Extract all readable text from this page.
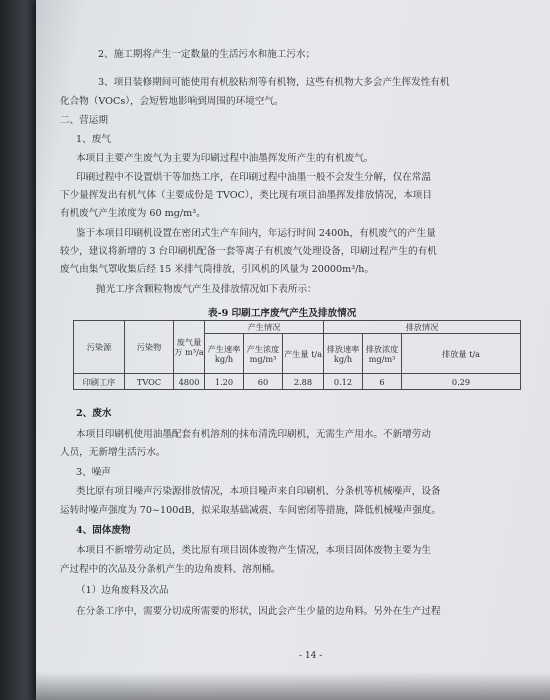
2、施工期将产生一定数量的生活污水和施工污水；
3、项目装修期间可能使用有机胶粘剂等有机物，这些有机物大多会产生挥发性有机
化合物（VOCs），会短暂地影响到周围的环境空气。
二、营运期
1、废气
本项目主要产生废气为主要为印刷过程中油墨挥发所产生的有机废气。
印刷过程中不设置烘干等加热工序，在印刷过程中油墨一般不会发生分解，仅在常温
下少量挥发出有机气体（主要成份是 TVOC），类比现有项目油墨挥发排放情况，本项目
有机废气产生浓度为 60 mg/m³。
鉴于本项目印刷机设置在密闭式生产车间内，年运行时间 2400h，有机废气的产生量
较少，建议将新增的 3 台印刷机配备一套等离子有机废气处理设备，印刷过程产生的有机
废气由集气罩收集后经 15 米排气筒排放，引风机的风量为 20000m³/h。
抛光工序含颗粒物废气产生及排放情况如下表所示：
表-9 印刷工序废气产生及排放情况
污染源	污染物	废气量万 m³/a	产生情况			排放情况		
			产生速率 kg/h	产生浓度 mg/m³	产生量 t/a	排放速率 kg/h	排放浓度 mg/m³	排放量 t/a
印刷工序	TVOC	4800	1.20	60	2.88	0.12	6	0.29
2、废水
本项目印刷机使用油墨配套有机溶剂的抹布清洗印刷机，无需生产用水。不新增劳动
人员，无新增生活污水。
3、噪声
类比原有项目噪声污染源排放情况，本项目噪声来自印刷机、分条机等机械噪声，设备
运转时噪声强度为 70~100dB，拟采取基础减震、车间密闭等措施，降低机械噪声强度。
4、固体废物
本项目不新增劳动定员，类比原有项目固体废物产生情况，本项目固体废物主要为生
产过程中的次品及分条机产生的边角废料、溶剂桶。
（1）边角废料及次品
在分条工序中，需要分切成所需要的形状，因此会产生少量的边角料。另外在生产过程
- 14 -
